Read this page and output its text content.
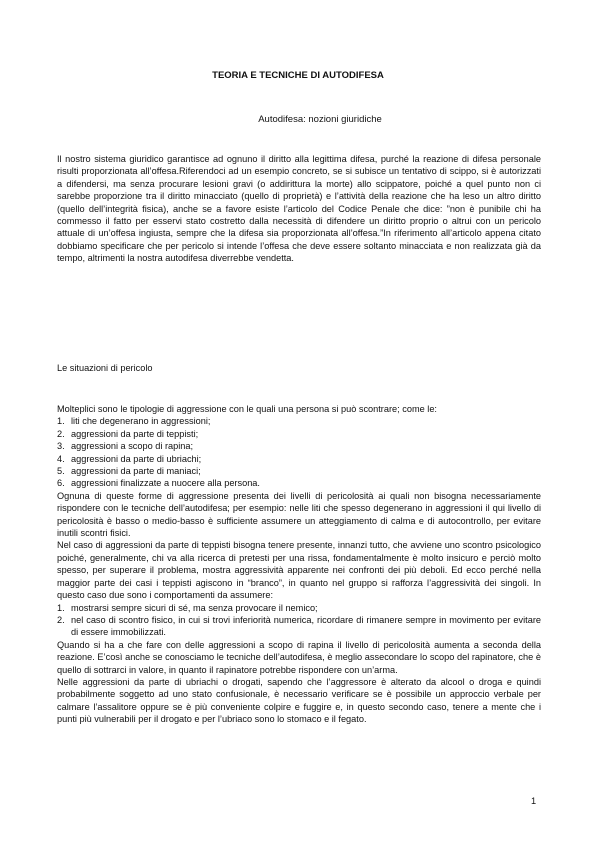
TEORIA E TECNICHE DI AUTODIFESA
Autodifesa: nozioni giuridiche

Il nostro sistema giuridico garantisce ad ognuno il diritto alla legittima difesa, purché la reazione di difesa personale risulti proporzionata all’offesa.Riferendoci ad un esempio concreto, se si subisce un tentativo di scippo, si è autorizzati a difendersi, ma senza procurare lesioni gravi (o addirittura la morte) allo scippatore, poiché a quel punto non ci sarebbe proporzione tra il diritto minacciato (quello di proprietà) e l’attività della reazione che ha leso un altro diritto (quello dell’integrità fisica), anche se a favore esiste l’articolo del Codice Penale che dice: ”non è punibile chi ha commesso il fatto per esservi stato costretto dalla necessità di difendere un diritto proprio o altrui con un pericolo attuale di un’offesa ingiusta, sempre che la difesa sia proporzionata all’offesa.”In riferimento all’articolo appena citato dobbiamo specificare che per pericolo si intende l’offesa che deve essere soltanto minacciata e non realizzata già da tempo, altrimenti la nostra autodifesa diverrebbe vendetta.

Le situazioni di pericolo

Molteplici sono le tipologie di aggressione con le quali una persona si può scontrare; come le:

1. liti che degenerano in aggressioni;
2. aggressioni da parte di teppisti;
3. aggressioni a scopo di rapina;
4. aggressioni da parte di ubriachi;
5. aggressioni da parte di maniaci;
6. aggressioni finalizzate a nuocere alla persona.

Ognuna di queste forme di aggressione presenta dei livelli di pericolosità ai quali non bisogna necessariamente rispondere con le tecniche dell’autodifesa; per esempio: nelle liti che spesso degenerano in aggressioni il qui livello di pericolosità è basso o medio-basso è sufficiente assumere un atteggiamento di calma e di autocontrollo, per evitare inutili scontri fisici.

Nel caso di aggressioni da parte di teppisti bisogna tenere presente, innanzi tutto, che avviene uno scontro psicologico poiché, generalmente, chi va alla ricerca di pretesti per una rissa, fondamentalmente è molto insicuro e perciò molto spesso, per superare il problema, mostra aggressività apparente nei confronti dei più deboli. Ed ecco perché nella maggior parte dei casi i teppisti agiscono in “branco”, in quanto nel gruppo si rafforza l’aggressività dei singoli. In questo caso due sono i comportamenti da assumere:

1. mostrarsi sempre sicuri di sé, ma senza provocare il nemico;
2. nel caso di scontro fisico, in cui si trovi inferiorità numerica, ricordare di rimanere sempre in movimento per evitare di essere immobilizzati.

Quando si ha a che fare con delle aggressioni a scopo di rapina il livello di pericolosità aumenta a seconda della reazione. E’così anche se conosciamo le tecniche dell’autodifesa, è meglio assecondare lo scopo del rapinatore, che è quello di sottrarci in valore, in quanto il rapinatore potrebbe rispondere con un’arma.

Nelle aggressioni da parte di ubriachi o drogati, sapendo che l’aggressore è alterato da alcool o droga e quindi probabilmente soggetto ad uno stato confusionale, è necessario verificare se è possibile un approccio verbale per calmare l’assalitore oppure se è più conveniente colpire e fuggire e, in questo secondo caso, tenere a mente che i punti più vulnerabili per il drogato e per l’ubriaco sono lo stomaco e il fegato.

1
